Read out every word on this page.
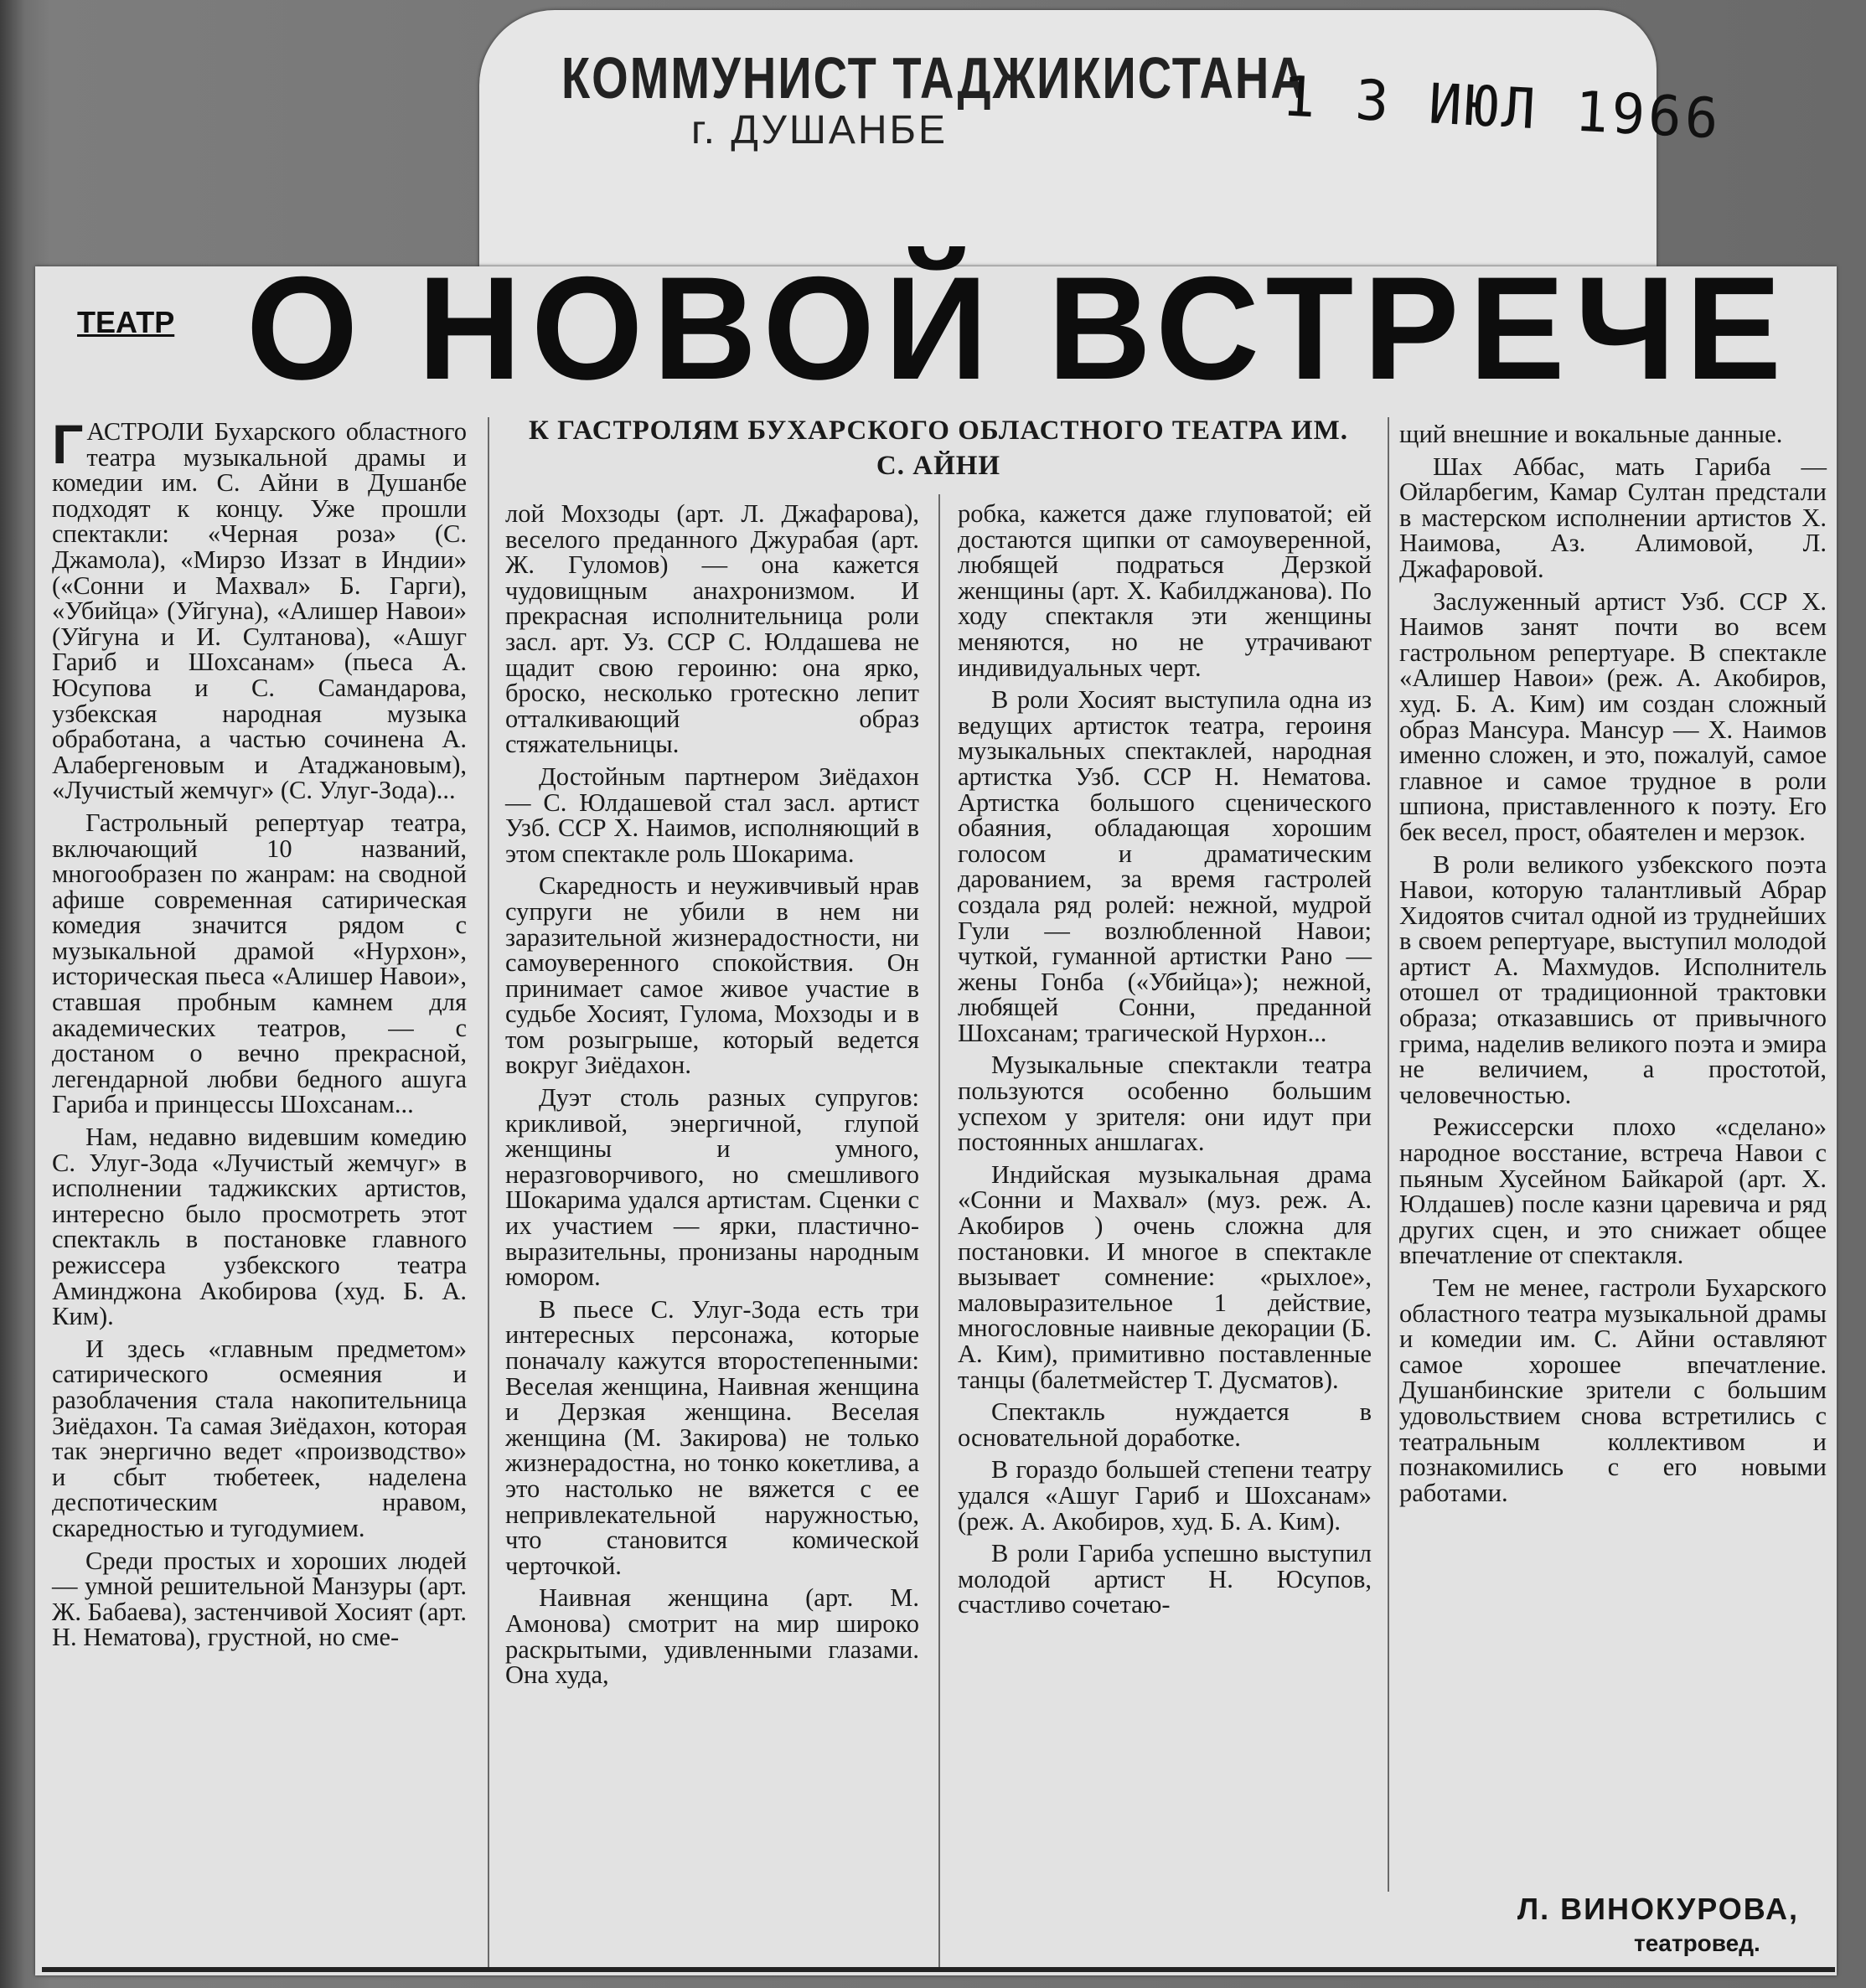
КОММУНИСТ ТАДЖИКИСТАНА
г. ДУШАНБЕ	1 3 ИЮЛ 1966
ТЕАТР О НОВОЙ ВСТРЕЧЕ
К ГАСТРОЛЯМ БУХАРСКОГО ОБЛАСТНОГО ТЕАТРА ИМ. С. АЙНИ

ГАСТРОЛИ Бухарского областного театра музыкальной драмы и комедии им. С. Айни в Душанбе подходят к концу. Уже прошли спектакли: «Черная роза» (С. Джамола), «Мирзо Иззат в Индии» («Сонни и Махвал» Б. Гарги), «Убийца» (Уйгуна), «Алишер Навои» (Уйгуна и И. Султанова), «Ашуг Гариб и Шохсанам» (пьеса А. Юсупова и С. Самандарова, узбекская народная музыка обработана, а частью сочинена А. Алабергеновым и Атаджановым), «Лучистый жемчуг» (С. Улуг-Зода)...

Гастрольный репертуар театра, включающий 10 названий, многообразен по жанрам: на сводной афише современная сатирическая комедия значится рядом с музыкальной драмой «Нурхон», историческая пьеса «Алишер Навои», ставшая пробным камнем для академических театров, — с достаном о вечно прекрасной, легендарной любви бедного ашуга Гариба и принцессы Шохсанам...

Нам, недавно видевшим комедию С. Улуг-Зода «Лучистый жемчуг» в исполнении таджикских артистов, интересно было просмотреть этот спектакль в постановке главного режиссера узбекского театра Аминджона Акобирова (худ. Б. А. Ким).

И здесь «главным предметом» сатирического осмеяния и разоблачения стала накопительница Зиёдахон. Та самая Зиёдахон, которая так энергично ведет «производство» и сбыт тюбетеек, наделена деспотическим нравом, скаредностью и тугодумием.

Среди простых и хороших людей — умной решительной Манзуры (арт. Ж. Бабаева), застенчивой Хосият (арт. Н. Нематова), грустной, но сме-

лой Мохзоды (арт. Л. Джафарова), веселого преданного Джурабая (арт. Ж. Гуломов) — она кажется чудовищным анахронизмом. И прекрасная исполнительница роли засл. арт. Уз. ССР С. Юлдашева не щадит свою героиню: она ярко, броско, несколько гротескно лепит отталкивающий образ стяжательницы.

Достойным партнером Зиёдахон — С. Юлдашевой стал засл. артист Узб. ССР Х. Наимов, исполняющий в этом спектакле роль Шокарима.

Скаредность и неуживчивый нрав супруги не убили в нем ни заразительной жизнерадостности, ни самоуверенного спокойствия. Он принимает самое живое участие в судьбе Хосият, Гулома, Мохзоды и в том розыгрыше, который ведется вокруг Зиёдахон.

Дуэт столь разных супругов: крикливой, энергичной, глупой женщины и умного, неразговорчивого, но смешливого Шокарима удался артистам. Сценки с их участием — ярки, пластично-выразительны, пронизаны народным юмором.

В пьесе С. Улуг-Зода есть три интересных персонажа, которые поначалу кажутся второстепенными: Веселая женщина, Наивная женщина и Дерзкая женщина. Веселая женщина (М. Закирова) не только жизнерадостна, но тонко кокетлива, а это настолько не вяжется с ее непривлекательной наружностью, что становится комической черточкой.

Наивная женщина (арт. М. Амонова) смотрит на мир широко раскрытыми, удивленными глазами. Она худа,

робка, кажется даже глуповатой; ей достаются щипки от самоуверенной, любящей подраться Дерзкой женщины (арт. Х. Кабилджанова). По ходу спектакля эти женщины меняются, но не утрачивают индивидуальных черт.

В роли Хосият выступила одна из ведущих артисток театра, героиня музыкальных спектаклей, народная артистка Узб. ССР Н. Нематова. Артистка большого сценического обаяния, обладающая хорошим голосом и драматическим дарованием, за время гастролей создала ряд ролей: нежной, мудрой Гули — возлюбленной Навои; чуткой, гуманной артистки Рано — жены Гонба («Убийца»); нежной, любящей Сонни, преданной Шохсанам; трагической Нурхон...

Музыкальные спектакли театра пользуются особенно большим успехом у зрителя: они идут при постоянных аншлагах.

Индийская музыкальная драма «Сонни и Махвал» (муз. реж. А. Акобиров ) очень сложна для постановки. И многое в спектакле вызывает сомнение: «рыхлое», маловыразительное 1 действие, многословные наивные декорации (Б. А. Ким), примитивно поставленные танцы (балетмейстер Т. Дусматов).

Спектакль нуждается в основательной доработке.

В гораздо большей степени театру удался «Ашуг Гариб и Шохсанам» (реж. А. Акобиров, худ. Б. А. Ким).

В роли Гариба успешно выступил молодой артист Н. Юсупов, счастливо сочетаю-

щий внешние и вокальные данные.

Шах Аббас, мать Гариба — Ойларбегим, Камар Султан предстали в мастерском исполнении артистов Х. Наимова, Аз. Алимовой, Л. Джафаровой.

Заслуженный артист Узб. ССР Х. Наимов занят почти во всем гастрольном репертуаре. В спектакле «Алишер Навои» (реж. А. Акобиров, худ. Б. А. Ким) им создан сложный образ Мансура. Мансур — Х. Наимов именно сложен, и это, пожалуй, самое главное и самое трудное в роли шпиона, приставленного к поэту. Его бек весел, прост, обаятелен и мерзок.

В роли великого узбекского поэта Навои, которую талантливый Абрар Хидоятов считал одной из труднейших в своем репертуаре, выступил молодой артист А. Махмудов. Исполнитель отошел от традиционной трактовки образа; отказавшись от привычного грима, наделив великого поэта и эмира не величием, а простотой, человечностью.

Режиссерски плохо «сделано» народное восстание, встреча Навои с пьяным Хусейном Байкарой (арт. Х. Юлдашев) после казни царевича и ряд других сцен, и это снижает общее впечатление от спектакля.

Тем не менее, гастроли Бухарского областного театра музыкальной драмы и комедии им. С. Айни оставляют самое хорошее впечатление. Душанбинские зрители с большим удовольствием снова встретились с театральным коллективом и познакомились с его новыми работами.

Л. ВИНОКУРОВА,
театровед.
